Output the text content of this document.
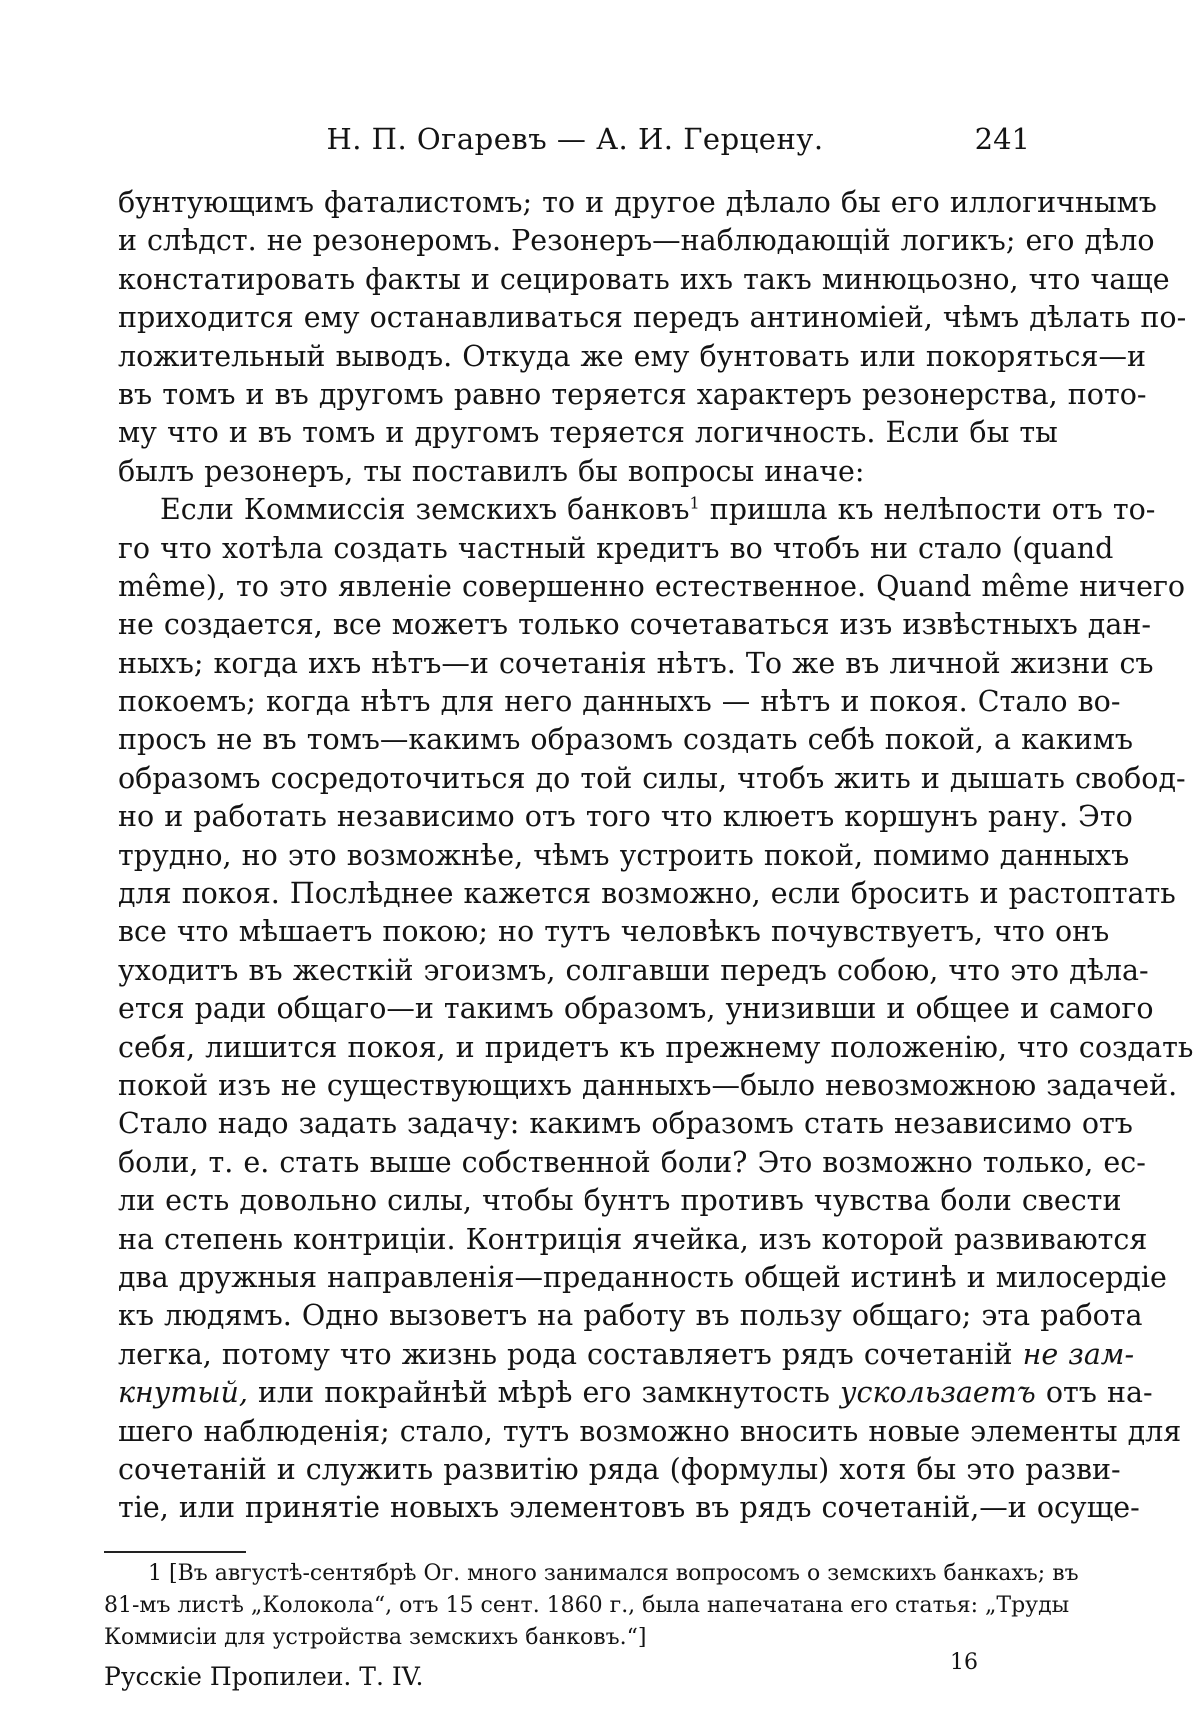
Н. П. Огаревъ — А. И. Герцену.	241
бунтующимъ фаталистомъ; то и другое дѣлало бы его иллогичнымъ
и слѣдст. не резонеромъ. Резонеръ—наблюдающій логикъ; его дѣло
констатировать факты и сецировать ихъ такъ минюцьозно, что чаще
приходится ему останавливаться передъ антиноміей, чѣмъ дѣлать по-
ложительный выводъ. Откуда же ему бунтовать или покоряться—и
въ томъ и въ другомъ равно теряется характеръ резонерства, пото-
му что и въ томъ и другомъ теряется логичность. Если бы ты
былъ резонеръ, ты поставилъ бы вопросы иначе:
Если Коммиссія земскихъ банковъ$^1$ пришла къ нелѣпости отъ то-
го что хотѣла создать частный кредитъ во чтобъ ни стало (quand
même), то это явленіе совершенно естественное. Quand même ничего
не создается, все можетъ только сочетаваться изъ извѣстныхъ дан-
ныхъ; когда ихъ нѣтъ—и сочетанія нѣтъ. То же въ личной жизни съ
покоемъ; когда нѣтъ для него данныхъ — нѣтъ и покоя. Стало во-
просъ не въ томъ—какимъ образомъ создать себѣ покой, а какимъ
образомъ сосредоточиться до той силы, чтобъ жить и дышать свобод-
но и работать независимо отъ того что клюетъ коршунъ рану. Это
трудно, но это возможнѣе, чѣмъ устроить покой, помимо данныхъ
для покоя. Послѣднее кажется возможно, если бросить и растоптать
все что мѣшаетъ покою; но тутъ человѣкъ почувствуетъ, что онъ
уходитъ въ жесткій эгоизмъ, солгавши передъ собою, что это дѣла-
ется ради общаго—и такимъ образомъ, унизивши и общее и самого
себя, лишится покоя, и придетъ къ прежнему положенію, что создать
покой изъ не существующихъ данныхъ—было невозможною задачей.
Стало надо задать задачу: какимъ образомъ стать независимо отъ
боли, т. е. стать выше собственной боли? Это возможно только, ес-
ли есть довольно силы, чтобы бунтъ противъ чувства боли свести
на степень контриціи. Контриція ячейка, изъ которой развиваются
два дружныя направленія—преданность общей истинѣ и милосердіе
къ людямъ. Одно вызоветъ на работу въ пользу общаго; эта работа
легка, потому что жизнь рода составляетъ рядъ сочетаній не зам-
кнутый, или покрайнѣй мѣрѣ его замкнутость ускользаетъ отъ на-
шего наблюденія; стало, тутъ возможно вносить новые элементы для
сочетаній и служить развитію ряда (формулы) хотя бы это разви-
тіе, или принятіе новыхъ элементовъ въ рядъ сочетаній,—и осуще-
1 [Въ августѣ-сентябрѣ Ог. много занимался вопросомъ о земскихъ банкахъ; въ
81-мъ листѣ „Колокола“, отъ 15 сент. 1860 г., была напечатана его статья: „Труды
Коммисіи для устройства земскихъ банковъ.“]
Русскіе Пропилеи. Т. IV.	16
